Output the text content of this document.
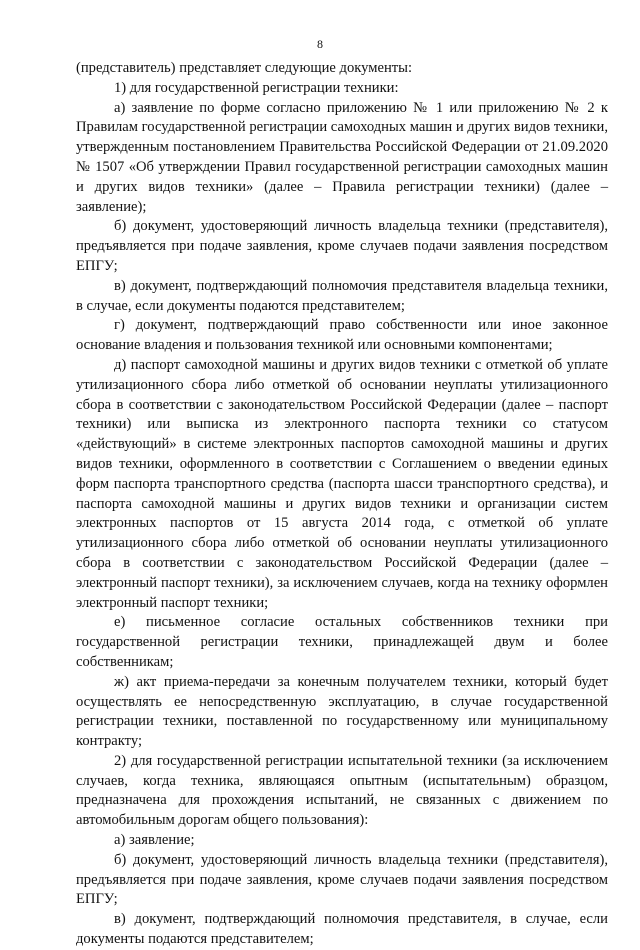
8

(представитель) представляет следующие документы:

1) для государственной регистрации техники:

а) заявление по форме согласно приложению № 1 или приложению № 2 к Правилам государственной регистрации самоходных машин и других видов техники, утвержденным постановлением Правительства Российской Федерации от 21.09.2020 № 1507 «Об утверждении Правил государственной регистрации самоходных машин и других видов техники» (далее – Правила регистрации техники) (далее – заявление);

б) документ, удостоверяющий личность владельца техники (представителя), предъявляется при подаче заявления, кроме случаев подачи заявления посредством ЕПГУ;

в) документ, подтверждающий полномочия представителя владельца техники, в случае, если документы подаются представителем;

г) документ, подтверждающий право собственности или иное законное основание владения и пользования техникой или основными компонентами;

д) паспорт самоходной машины и других видов техники с отметкой об уплате утилизационного сбора либо отметкой об основании неуплаты утилизационного сбора в соответствии с законодательством Российской Федерации (далее – паспорт техники) или выписка из электронного паспорта техники со статусом «действующий» в системе электронных паспортов самоходной машины и других видов техники, оформленного в соответствии с Соглашением о введении единых форм паспорта транспортного средства (паспорта шасси транспортного средства), и паспорта самоходной машины и других видов техники и организации систем электронных паспортов от 15 августа 2014 года, с отметкой об уплате утилизационного сбора либо отметкой об основании неуплаты утилизационного сбора в соответствии с законодательством Российской Федерации (далее – электронный паспорт техники), за исключением случаев, когда на технику оформлен электронный паспорт техники;

е) письменное согласие остальных собственников техники при государственной регистрации техники, принадлежащей двум и более собственникам;

ж) акт приема-передачи за конечным получателем техники, который будет осуществлять ее непосредственную эксплуатацию, в случае государственной регистрации техники, поставленной по государственному или муниципальному контракту;

2) для государственной регистрации испытательной техники (за исключением случаев, когда техника, являющаяся опытным (испытательным) образцом, предназначена для прохождения испытаний, не связанных с движением по автомобильным дорогам общего пользования):

а) заявление;

б) документ, удостоверяющий личность владельца техники (представителя), предъявляется при подаче заявления, кроме случаев подачи заявления посредством ЕПГУ;

в) документ, подтверждающий полномочия представителя, в случае, если документы подаются представителем;
